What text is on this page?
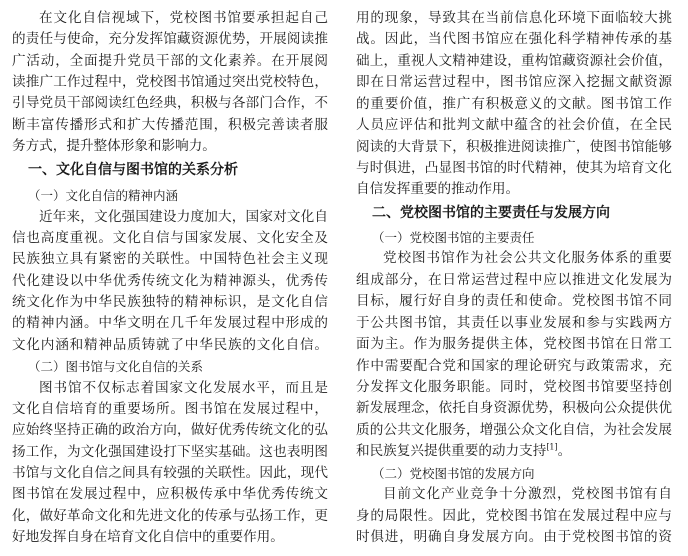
在文化自信视域下，党校图书馆要承担起自己
的责任与使命，充分发挥馆藏资源优势，开展阅读推
广活动，全面提升党员干部的文化素养。在开展阅
读推广工作过程中，党校图书馆通过突出党校特色，
引导党员干部阅读红色经典，积极与各部门合作，不
断丰富传播形式和扩大传播范围，积极完善读者服
务方式，提升整体形象和影响力。
一、文化自信与图书馆的关系分析
（一）文化自信的精神内涵
近年来，文化强国建设力度加大，国家对文化自
信也高度重视。文化自信与国家发展、文化安全及
民族独立具有紧密的关联性。中国特色社会主义现
代化建设以中华优秀传统文化为精神源头，优秀传
统文化作为中华民族独特的精神标识，是文化自信
的精神内涵。中华文明在几千年发展过程中形成的
文化内涵和精神品质铸就了中华民族的文化自信。
（二）图书馆与文化自信的关系
图书馆不仅标志着国家文化发展水平，而且是
文化自信培育的重要场所。图书馆在发展过程中，
应始终坚持正确的政治方向，做好优秀传统文化的弘
扬工作，为文化强国建设打下坚实基础。这也表明图
书馆与文化自信之间具有较强的关联性。因此，现代
图书馆在发展过程中，应积极传承中华优秀传统文
化，做好革命文化和先进文化的传承与弘扬工作，更
好地发挥自身在培育文化自信中的重要作用。
用的现象，导致其在当前信息化环境下面临较大挑
战。因此，当代图书馆应在强化科学精神传承的基
础上，重视人文精神建设，重构馆藏资源社会价值，
即在日常运营过程中，图书馆应深入挖掘文献资源
的重要价值，推广有积极意义的文献。图书馆工作
人员应评估和批判文献中蕴含的社会价值，在全民
阅读的大背景下，积极推进阅读推广，使图书馆能够
与时俱进，凸显图书馆的时代精神，使其为培育文化
自信发挥重要的推动作用。
二、党校图书馆的主要责任与发展方向
（一）党校图书馆的主要责任
党校图书馆作为社会公共文化服务体系的重要
组成部分，在日常运营过程中应以推进文化发展为
目标，履行好自身的责任和使命。党校图书馆不同
于公共图书馆，其责任以事业发展和参与实践两方
面为主。作为服务提供主体，党校图书馆在日常工
作中需要配合党和国家的理论研究与政策需求，充
分发挥文化服务职能。同时，党校图书馆要坚持创
新发展理念，依托自身资源优势，积极向公众提供优
质的公共文化服务，增强公众文化自信，为社会发展
和民族复兴提供重要的动力支持[1]。
（二）党校图书馆的发展方向
目前文化产业竞争十分激烈，党校图书馆有自
身的局限性。因此，党校图书馆在发展过程中应与
时俱进，明确自身发展方向。由于党校图书馆的资
